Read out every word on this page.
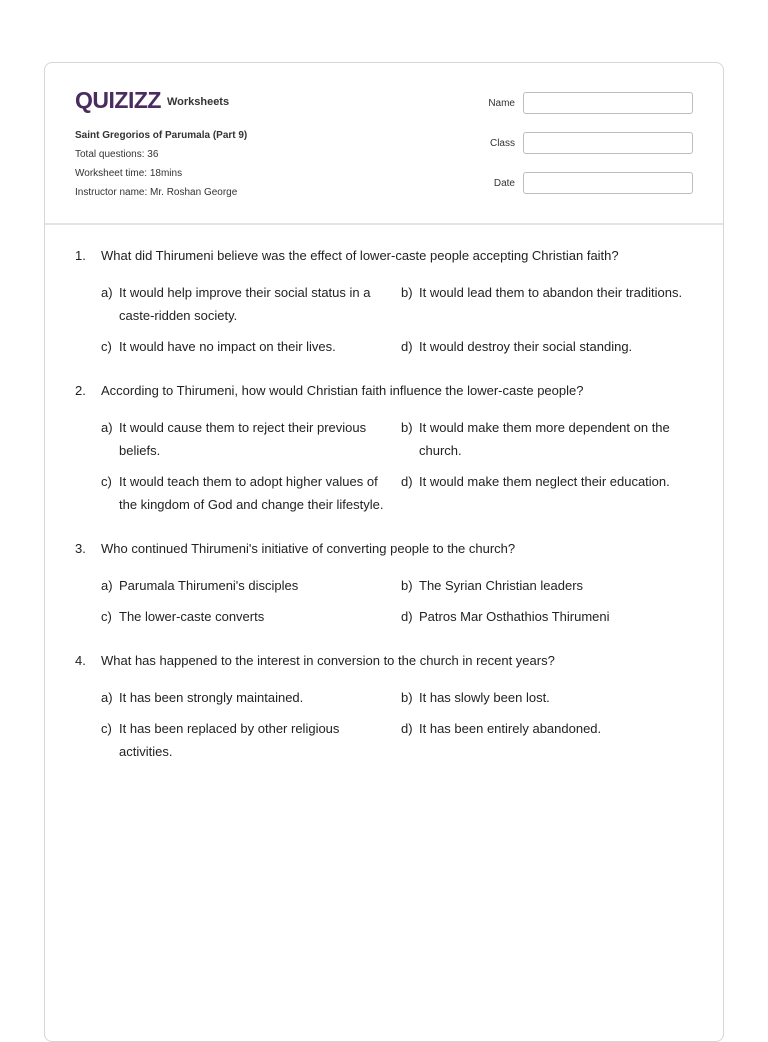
QUIZIZZ Worksheets
Saint Gregorios of Parumala (Part 9)
Total questions: 36
Worksheet time: 18mins
Instructor name: Mr. Roshan George
Name
Class
Date
1.	What did Thirumeni believe was the effect of lower-caste people accepting Christian faith?
a) It would help improve their social status in a caste-ridden society.
b) It would lead them to abandon their traditions.
c) It would have no impact on their lives.	d) It would destroy their social standing.
2.	According to Thirumeni, how would Christian faith influence the lower-caste people?
a) It would cause them to reject their previous beliefs.
b) It would make them more dependent on the church.
c) It would teach them to adopt higher values of the kingdom of God and change their lifestyle.
d) It would make them neglect their education.
3.	Who continued Thirumeni's initiative of converting people to the church?
a) Parumala Thirumeni's disciples	b) The Syrian Christian leaders
c) The lower-caste converts	d) Patros Mar Osthathios Thirumeni
4.	What has happened to the interest in conversion to the church in recent years?
a) It has been strongly maintained.	b) It has slowly been lost.
c) It has been replaced by other religious activities.
d) It has been entirely abandoned.
